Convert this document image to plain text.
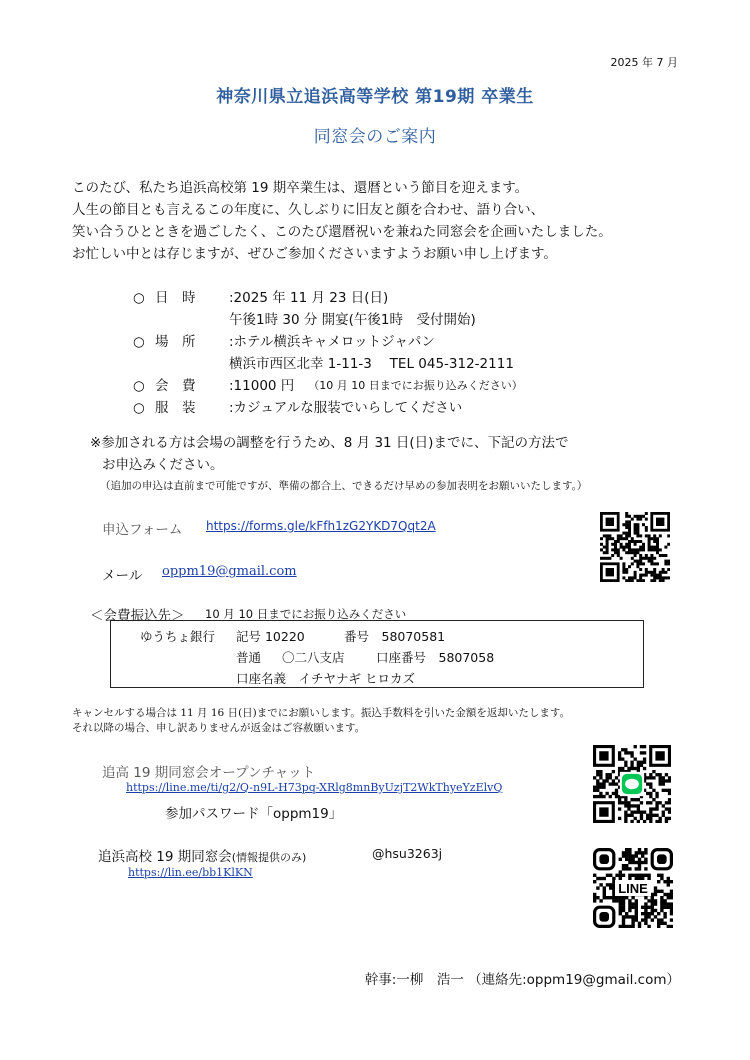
2025 年 7 月
神奈川県立追浜高等学校 第19期 卒業生
同窓会のご案内
このたび、私たち追浜高校第 19 期卒業生は、還暦という節目を迎えます。
人生の節目とも言えるこの年度に、久しぶりに旧友と顔を合わせ、語り合い、
笑い合うひとときを過ごしたく、このたび還暦祝いを兼ねた同窓会を企画いたしました。
お忙しい中とは存じますが、ぜひご参加くださいますようお願い申し上げます。
○ 日　時	:2025 年 11 月 23 日(日)
午後1時 30 分 開宴(午後1時　受付開始)
○ 場　所	:ホテル横浜キャメロットジャパン
横浜市西区北幸 1-11-3　 TEL 045-312-2111
○ 会　費	:11000 円 （10 月 10 日までにお振り込みください）
○ 服　装	:カジュアルな服装でいらしてください
※参加される方は会場の調整を行うため、8 月 31 日(日)までに、下記の方法で
お申込みください。
（追加の申込は直前まで可能ですが、準備の都合上、できるだけ早めの参加表明をお願いいたします。）
申込フォーム https://forms.gle/kFfh1zG2YKD7Qqt2A
メール oppm19@gmail.com
＜会費振込先＞ 10 月 10 日までにお振り込みください
ゆうちょ銀行 記号 10220	番号　58070581
普通 〇二八支店	口座番号　5807058
口座名義　イチヤナギ ヒロカズ
キャンセルする場合は 11 月 16 日(日)までにお願いします。振込手数料を引いた金額を返却いたします。
それ以降の場合、申し訳ありませんが返金はご容赦願います。
追高 19 期同窓会オープンチャット
https://line.me/ti/g2/Q-n9L-H73pq-XRlg8mnByUzjT2WkThyeYzElvQ
参加パスワード「oppm19」
追浜高校 19 期同窓会(情報提供のみ)	@hsu3263j
https://lin.ee/bb1KlKN
幹事:一柳　浩一 （連絡先:oppm19@gmail.com）
LINE
